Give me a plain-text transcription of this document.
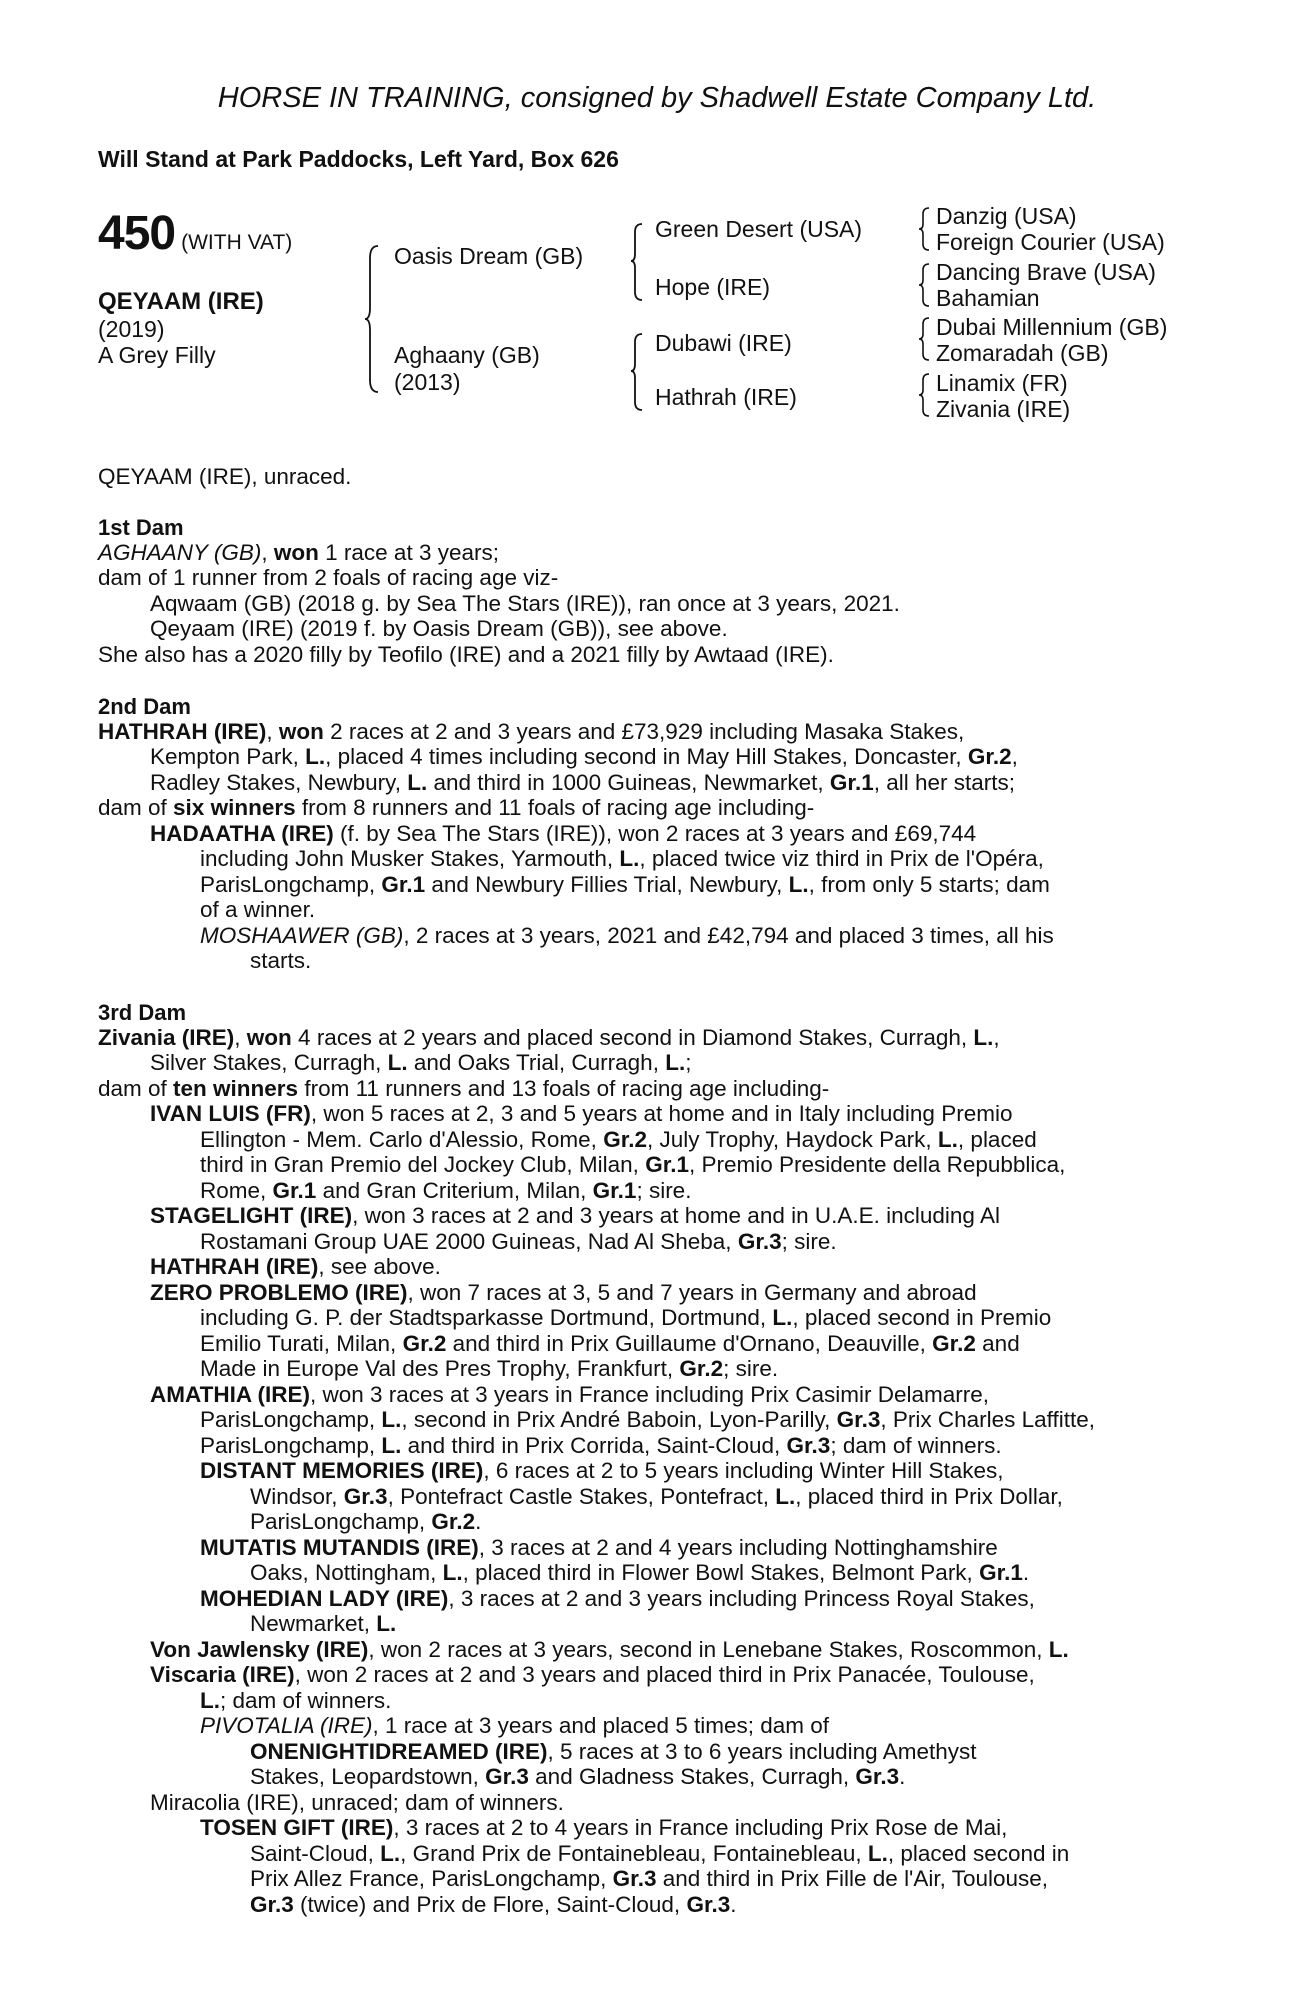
HORSE IN TRAINING, consigned by Shadwell Estate Company Ltd.
Will Stand at Park Paddocks, Left Yard, Box 626
450 (WITH VAT)
QEYAAM (IRE)
(2019)
A Grey Filly
Oasis Dream (GB)
Aghaany (GB)
(2013)
Green Desert (USA)
Hope (IRE)
Dubawi (IRE)
Hathrah (IRE)
Danzig (USA)
Foreign Courier (USA)
Dancing Brave (USA)
Bahamian
Dubai Millennium (GB)
Zomaradah (GB)
Linamix (FR)
Zivania (IRE)
QEYAAM (IRE), unraced.
1st Dam
AGHAANY (GB), won 1 race at 3 years;
dam of 1 runner from 2 foals of racing age viz-
Aqwaam (GB) (2018 g. by Sea The Stars (IRE)), ran once at 3 years, 2021.
Qeyaam (IRE) (2019 f. by Oasis Dream (GB)), see above.
She also has a 2020 filly by Teofilo (IRE) and a 2021 filly by Awtaad (IRE).
2nd Dam
HATHRAH (IRE), won 2 races at 2 and 3 years and £73,929 including Masaka Stakes,
Kempton Park, L., placed 4 times including second in May Hill Stakes, Doncaster, Gr.2,
Radley Stakes, Newbury, L. and third in 1000 Guineas, Newmarket, Gr.1, all her starts;
dam of six winners from 8 runners and 11 foals of racing age including-
HADAATHA (IRE) (f. by Sea The Stars (IRE)), won 2 races at 3 years and £69,744
including John Musker Stakes, Yarmouth, L., placed twice viz third in Prix de l'Opéra,
ParisLongchamp, Gr.1 and Newbury Fillies Trial, Newbury, L., from only 5 starts; dam
of a winner.
MOSHAAWER (GB), 2 races at 3 years, 2021 and £42,794 and placed 3 times, all his
starts.
3rd Dam
Zivania (IRE), won 4 races at 2 years and placed second in Diamond Stakes, Curragh, L.,
Silver Stakes, Curragh, L. and Oaks Trial, Curragh, L.;
dam of ten winners from 11 runners and 13 foals of racing age including-
IVAN LUIS (FR), won 5 races at 2, 3 and 5 years at home and in Italy including Premio
Ellington - Mem. Carlo d'Alessio, Rome, Gr.2, July Trophy, Haydock Park, L., placed
third in Gran Premio del Jockey Club, Milan, Gr.1, Premio Presidente della Repubblica,
Rome, Gr.1 and Gran Criterium, Milan, Gr.1; sire.
STAGELIGHT (IRE), won 3 races at 2 and 3 years at home and in U.A.E. including Al
Rostamani Group UAE 2000 Guineas, Nad Al Sheba, Gr.3; sire.
HATHRAH (IRE), see above.
ZERO PROBLEMO (IRE), won 7 races at 3, 5 and 7 years in Germany and abroad
including G. P. der Stadtsparkasse Dortmund, Dortmund, L., placed second in Premio
Emilio Turati, Milan, Gr.2 and third in Prix Guillaume d'Ornano, Deauville, Gr.2 and
Made in Europe Val des Pres Trophy, Frankfurt, Gr.2; sire.
AMATHIA (IRE), won 3 races at 3 years in France including Prix Casimir Delamarre,
ParisLongchamp, L., second in Prix André Baboin, Lyon-Parilly, Gr.3, Prix Charles Laffitte,
ParisLongchamp, L. and third in Prix Corrida, Saint-Cloud, Gr.3; dam of winners.
DISTANT MEMORIES (IRE), 6 races at 2 to 5 years including Winter Hill Stakes,
Windsor, Gr.3, Pontefract Castle Stakes, Pontefract, L., placed third in Prix Dollar,
ParisLongchamp, Gr.2.
MUTATIS MUTANDIS (IRE), 3 races at 2 and 4 years including Nottinghamshire
Oaks, Nottingham, L., placed third in Flower Bowl Stakes, Belmont Park, Gr.1.
MOHEDIAN LADY (IRE), 3 races at 2 and 3 years including Princess Royal Stakes,
Newmarket, L.
Von Jawlensky (IRE), won 2 races at 3 years, second in Lenebane Stakes, Roscommon, L.
Viscaria (IRE), won 2 races at 2 and 3 years and placed third in Prix Panacée, Toulouse,
L.; dam of winners.
PIVOTALIA (IRE), 1 race at 3 years and placed 5 times; dam of
ONENIGHTIDREAMED (IRE), 5 races at 3 to 6 years including Amethyst
Stakes, Leopardstown, Gr.3 and Gladness Stakes, Curragh, Gr.3.
Miracolia (IRE), unraced; dam of winners.
TOSEN GIFT (IRE), 3 races at 2 to 4 years in France including Prix Rose de Mai,
Saint-Cloud, L., Grand Prix de Fontainebleau, Fontainebleau, L., placed second in
Prix Allez France, ParisLongchamp, Gr.3 and third in Prix Fille de l'Air, Toulouse,
Gr.3 (twice) and Prix de Flore, Saint-Cloud, Gr.3.
